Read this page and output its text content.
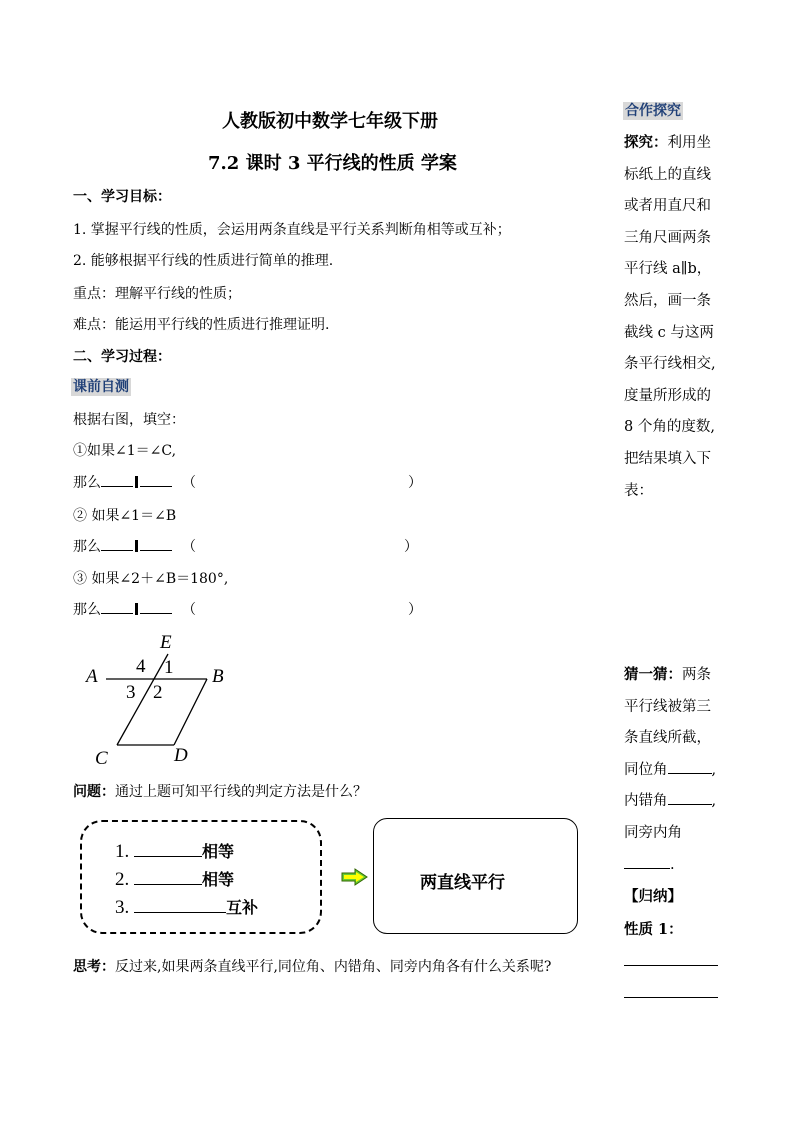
人教版初中数学七年级下册
7.2 课时 3 平行线的性质 学案
一、学习目标：
1. 掌握平行线的性质，会运用两条直线是平行关系判断角相等或互补；
2. 能够根据平行线的性质进行简单的推理.
重点：理解平行线的性质；
难点：能运用平行线的性质进行推理证明.
二、学习过程：
课前自测
根据右图，填空：
①如果∠1＝∠C,
那么	（	）
② 如果∠1＝∠B
那么	（	）
③ 如果∠2＋∠B＝180°,
那么	（	）
A	B
C	D
E
4 1
3 2
问题：通过上题可知平行线的判定方法是什么？
1.	相等
2.	相等
3.	互补
两直线平行
思考：反过来,如果两条直线平行,同位角、内错角、同旁内角各有什么关系呢?
合作探究
探究：利用坐
标纸上的直线
或者用直尺和
三角尺画两条
平行线 a∥b，
然后，画一条
截线 c 与这两
条平行线相交,
度量所形成的
8 个角的度数,
把结果填入下
表：
猜一猜：两条
平行线被第三
条直线所截，
同位角	,
内错角	,
同旁内角
.
【归纳】
性质 1：
